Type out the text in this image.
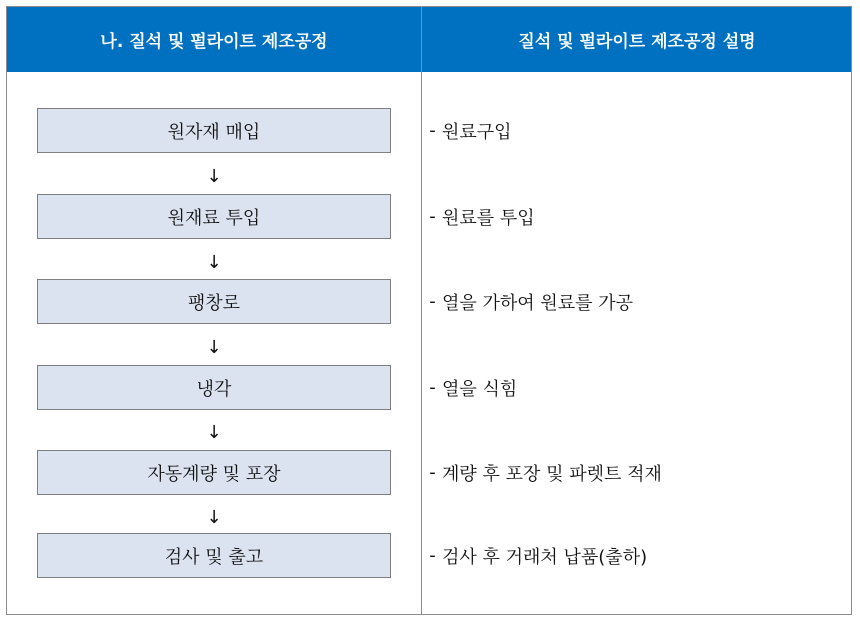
나. 질석 및 펄라이트 제조공정	질석 및 펄라이트 제조공정 설명
원자재 매입
원재료 투입
팽창로
냉각
자동계량 및 포장
검사 및 출고
↓
↓
↓
↓
↓
- 원료구입
- 원료를 투입
- 열을 가하여 원료를 가공
- 열을 식힘
- 계량 후 포장 및 파렛트 적재
- 검사 후 거래처 납품(출하)
